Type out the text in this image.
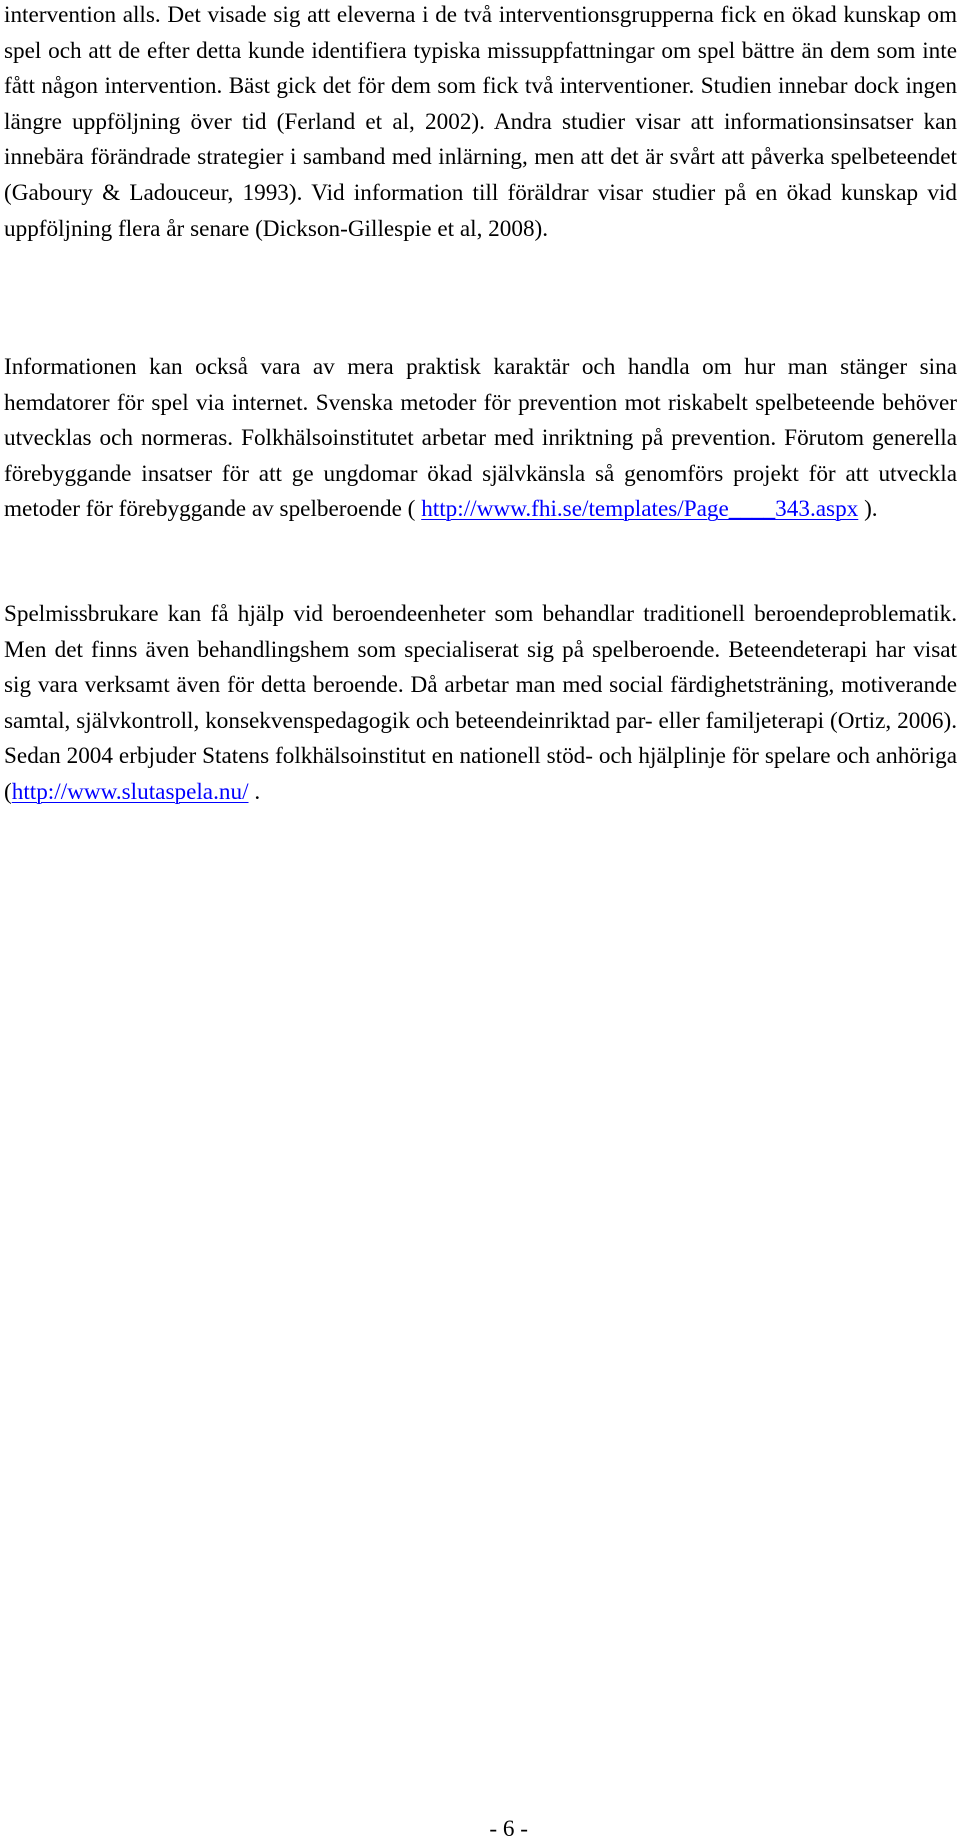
intervention alls. Det visade sig att eleverna i de två interventionsgrupperna fick en ökad kunskap om spel och att de efter detta kunde identifiera typiska missuppfattningar om spel bättre än dem som inte fått någon intervention. Bäst gick det för dem som fick två interventioner. Studien innebar dock ingen längre uppföljning över tid (Ferland et al, 2002). Andra studier visar att informationsinsatser kan innebära förändrade strategier i samband med inlärning, men att det är svårt att påverka spelbeteendet (Gaboury & Ladouceur, 1993). Vid information till föräldrar visar studier på en ökad kunskap vid uppföljning flera år senare (Dickson-Gillespie et al, 2008).

Informationen kan också vara av mera praktisk karaktär och handla om hur man stänger sina hemdatorer för spel via internet. Svenska metoder för prevention mot riskabelt spelbeteende behöver utvecklas och normeras. Folkhälsoinstitutet arbetar med inriktning på prevention. Förutom generella förebyggande insatser för att ge ungdomar ökad självkänsla så genomförs projekt för att utveckla metoder för förebyggande av spelberoende ( http://www.fhi.se/templates/Page____343.aspx ).

Spelmissbrukare kan få hjälp vid beroendeenheter som behandlar traditionell beroendeproblematik. Men det finns även behandlingshem som specialiserat sig på spelberoende. Beteendeterapi har visat sig vara verksamt även för detta beroende. Då arbetar man med social färdighetsträning, motiverande samtal, självkontroll, konsekvenspedagogik och beteendeinriktad par- eller familjeterapi (Ortiz, 2006). Sedan 2004 erbjuder Statens folkhälsoinstitut en nationell stöd- och hjälplinje för spelare och anhöriga (http://www.slutaspela.nu/ .

- 6 -
